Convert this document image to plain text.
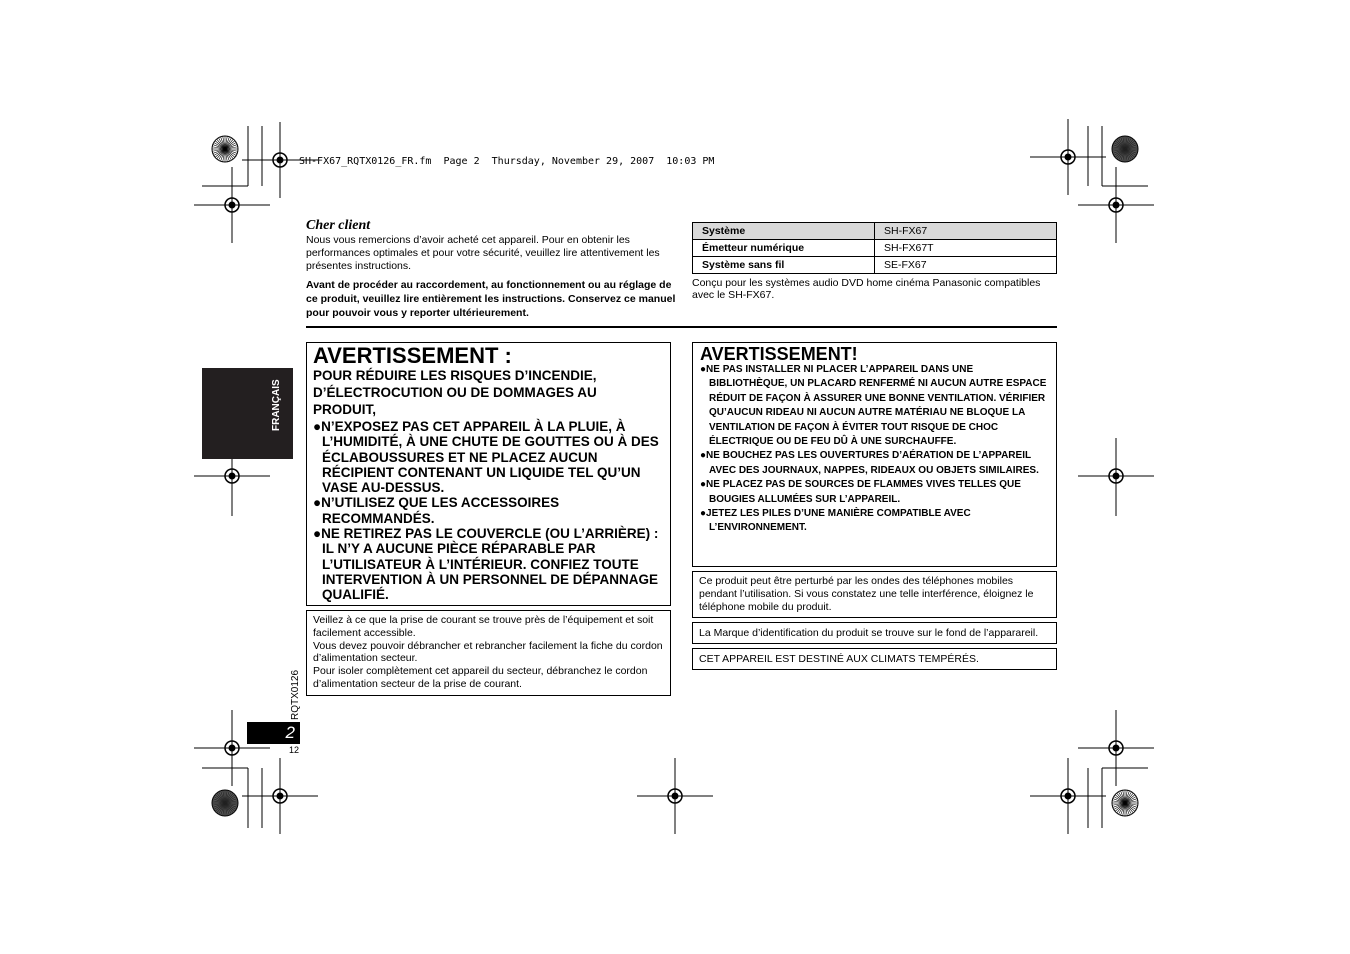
SH-FX67_RQTX0126_FR.fm  Page 2  Thursday, November 29, 2007  10:03 PM
FRANÇAIS
Cher client
Nous vous remercions d’avoir acheté cet appareil. Pour en obtenir les performances optimales et pour votre sécurité, veuillez lire attentivement les présentes instructions.
Avant de procéder au raccordement, au fonctionnement ou au réglage de ce produit, veuillez lire entièrement les instructions. Conservez ce manuel pour pouvoir vous y reporter ultérieurement.
Système	SH-FX67
Émetteur numérique	SH-FX67T
Système sans fil	SE-FX67
Conçu pour les systèmes audio DVD home cinéma Panasonic compatibles avec le SH-FX67.
AVERTISSEMENT :
POUR RÉDUIRE LES RISQUES D’INCENDIE, D’ÉLECTROCUTION OU DE DOMMAGES AU PRODUIT,
●N’EXPOSEZ PAS CET APPAREIL À LA PLUIE, À L’HUMIDITÉ, À UNE CHUTE DE GOUTTES OU À DES ÉCLABOUSSURES ET NE PLACEZ AUCUN RÉCIPIENT CONTENANT UN LIQUIDE TEL QU’UN VASE AU-DESSUS.
●N’UTILISEZ QUE LES ACCESSOIRES RECOMMANDÉS.
●NE RETIREZ PAS LE COUVERCLE (OU L’ARRIÈRE) : IL N’Y A AUCUNE PIÈCE RÉPARABLE PAR L’UTILISATEUR À L’INTÉRIEUR. CONFIEZ TOUTE INTERVENTION À UN PERSONNEL DE DÉPANNAGE QUALIFIÉ.
AVERTISSEMENT!
●NE PAS INSTALLER NI PLACER L’APPAREIL DANS UNE BIBLIOTHÈQUE, UN PLACARD RENFERMÉ NI AUCUN AUTRE ESPACE RÉDUIT DE FAÇON À ASSURER UNE BONNE VENTILATION. VÉRIFIER QU’AUCUN RIDEAU NI AUCUN AUTRE MATÉRIAU NE BLOQUE LA VENTILATION DE FAÇON À ÉVITER TOUT RISQUE DE CHOC ÉLECTRIQUE OU DE FEU DÛ À UNE SURCHAUFFE.
●NE BOUCHEZ PAS LES OUVERTURES D’AÉRATION DE L’APPAREIL AVEC DES JOURNAUX, NAPPES, RIDEAUX OU OBJETS SIMILAIRES.
●NE PLACEZ PAS DE SOURCES DE FLAMMES VIVES TELLES QUE BOUGIES ALLUMÉES SUR L’APPAREIL.
●JETEZ LES PILES D’UNE MANIÈRE COMPATIBLE AVEC L’ENVIRONNEMENT.
Veillez à ce que la prise de courant se trouve près de l’équipement et soit facilement accessible.
Vous devez pouvoir débrancher et rebrancher facilement la fiche du cordon d’alimentation secteur.
Pour isoler complètement cet appareil du secteur, débranchez le cordon d’alimentation secteur de la prise de courant.
Ce produit peut être perturbé par les ondes des téléphones mobiles pendant l’utilisation. Si vous constatez une telle interférence, éloignez le téléphone mobile du produit.
La Marque d’identification du produit se trouve sur le fond de l’apparareil.
CET APPAREIL EST DESTINÉ AUX CLIMATS TEMPÉRÉS.
RQTX0126
2
12
